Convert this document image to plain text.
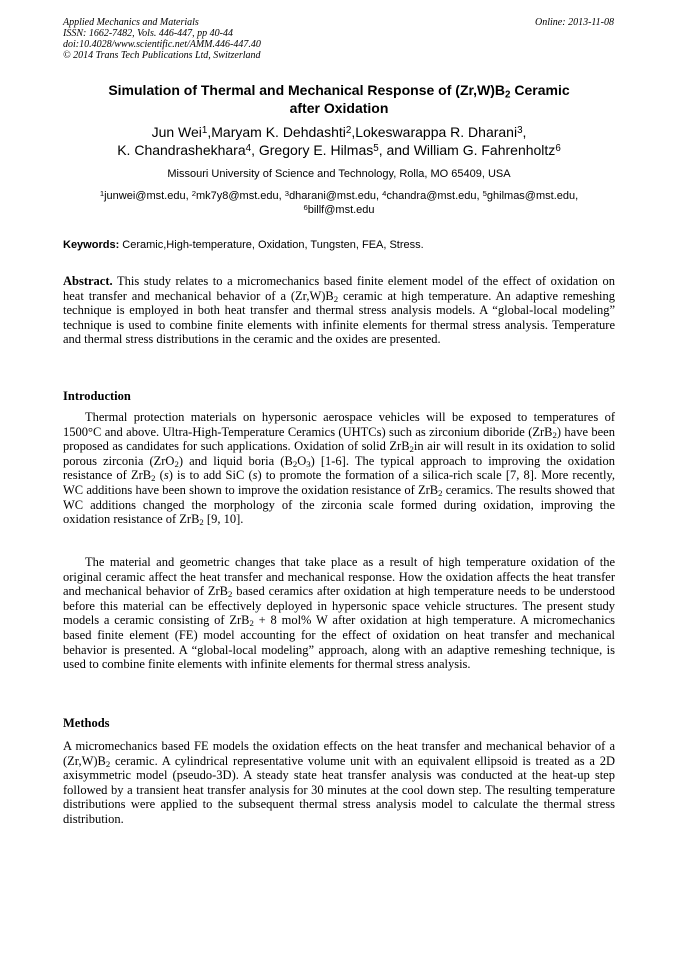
Applied Mechanics and Materials
ISSN: 1662-7482, Vols. 446-447, pp 40-44
doi:10.4028/www.scientific.net/AMM.446-447.40
© 2014 Trans Tech Publications Ltd, Switzerland
Online: 2013-11-08
Simulation of Thermal and Mechanical Response of $(Zr,W)B_2$ Ceramic
after Oxidation
Jun Wei$^1$,Maryam K. Dehdashti$^2$,Lokeswarappa R. Dharani$^3$,
K. Chandrashekhara$^4$, Gregory E. Hilmas$^5$, and William G. Fahrenholtz$^6$
Missouri University of Science and Technology, Rolla, MO 65409, USA
$^1$junwei@mst.edu, $^2$mk7y8@mst.edu, $^3$dharani@mst.edu, $^4$chandra@mst.edu, $^5$ghilmas@mst.edu,
$^6$billf@mst.edu
Keywords: Ceramic,High-temperature, Oxidation, Tungsten, FEA, Stress.
Abstract. This study relates to a micromechanics based finite element model of the effect of oxidation on heat transfer and mechanical behavior of a $(Zr,W)B_2$ ceramic at high temperature. An adaptive remeshing technique is employed in both heat transfer and thermal stress analysis models. A “global-local modeling” technique is used to combine finite elements with infinite elements for thermal stress analysis. Temperature and thermal stress distributions in the ceramic and the oxides are presented.
Introduction
Thermal protection materials on hypersonic aerospace vehicles will be exposed to temperatures of 1500°C and above. Ultra-High-Temperature Ceramics (UHTCs) such as zirconium diboride (ZrB$_2$) have been proposed as candidates for such applications. Oxidation of solid ZrB$_2$in air will result in its oxidation to solid porous zirconia (ZrO$_2$) and liquid boria $(B_2O_3)$ [1-6]. The typical approach to improving the oxidation resistance of ZrB$_2$ (s) is to add SiC (s) to promote the formation of a silica-rich scale [7, 8]. More recently, WC additions have been shown to improve the oxidation resistance of ZrB$_2$ ceramics. The results showed that WC additions changed the morphology of the zirconia scale formed during oxidation, improving the oxidation resistance of ZrB$_2$ [9, 10].
The material and geometric changes that take place as a result of high temperature oxidation of the original ceramic affect the heat transfer and mechanical response. How the oxidation affects the heat transfer and mechanical behavior of ZrB$_2$ based ceramics after oxidation at high temperature needs to be understood before this material can be effectively deployed in hypersonic space vehicle structures. The present study models a ceramic consisting of ZrB$_2$ + 8 mol% W after oxidation at high temperature. A micromechanics based finite element (FE) model accounting for the effect of oxidation on heat transfer and mechanical behavior is presented. A “global-local modeling” approach, along with an adaptive remeshing technique, is used to combine finite elements with infinite elements for thermal stress analysis.
Methods
A micromechanics based FE models the oxidation effects on the heat transfer and mechanical behavior of a $(Zr,W)B_2$ ceramic. A cylindrical representative volume unit with an equivalent ellipsoid is treated as a 2D axisymmetric model (pseudo-3D). A steady state heat transfer analysis was conducted at the heat-up step followed by a transient heat transfer analysis for 30 minutes at the cool down step. The resulting temperature distributions were applied to the subsequent thermal stress analysis model to calculate the thermal stress distribution.
